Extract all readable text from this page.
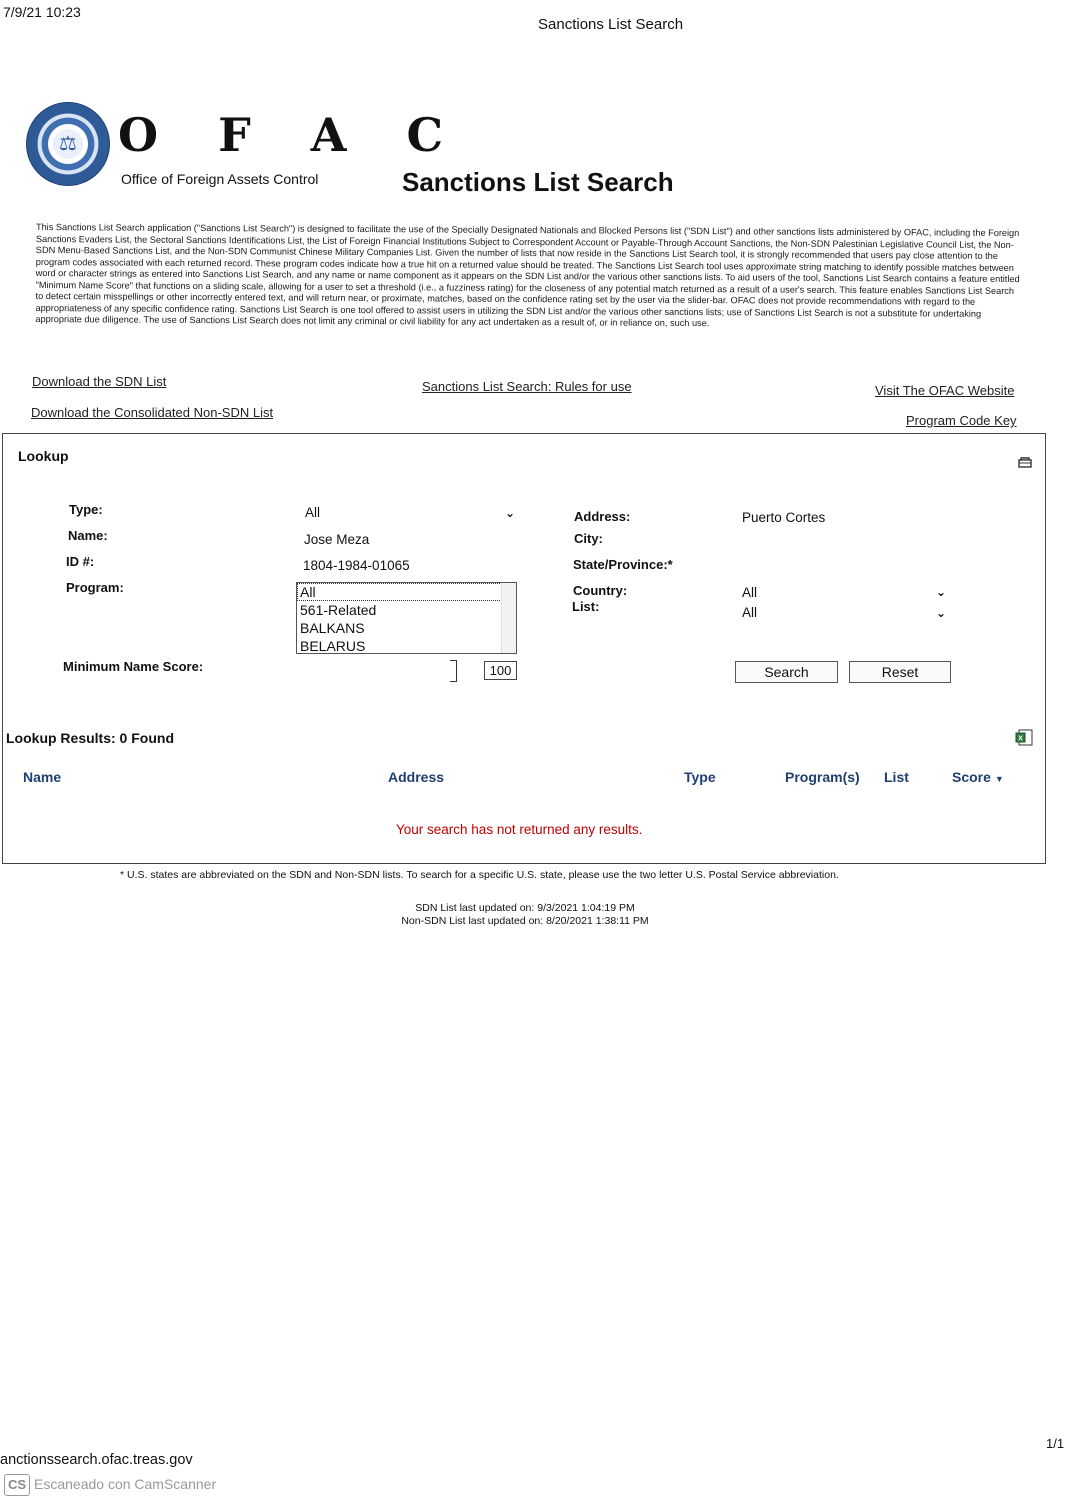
7/9/21 10:23
Sanctions List Search
⚖ O F A C
Office of Foreign Assets Control	Sanctions List Search
This Sanctions List Search application ("Sanctions List Search") is designed to facilitate the use of the Specially Designated Nationals and Blocked Persons list ("SDN List") and other sanctions lists administered by OFAC, including the Foreign Sanctions Evaders List, the Sectoral Sanctions Identifications List, the List of Foreign Financial Institutions Subject to Correspondent Account or Payable-Through Account Sanctions, the Non-SDN Palestinian Legislative Council List, the Non-SDN Menu-Based Sanctions List, and the Non-SDN Communist Chinese Military Companies List. Given the number of lists that now reside in the Sanctions List Search tool, it is strongly recommended that users pay close attention to the program codes associated with each returned record. These program codes indicate how a true hit on a returned value should be treated. The Sanctions List Search tool uses approximate string matching to identify possible matches between word or character strings as entered into Sanctions List Search, and any name or name component as it appears on the SDN List and/or the various other sanctions lists. To aid users of the tool, Sanctions List Search contains a feature entitled "Minimum Name Score" that functions on a sliding scale, allowing for a user to set a threshold (i.e., a fuzziness rating) for the closeness of any potential match returned as a result of a user's search. This feature enables Sanctions List Search to detect certain misspellings or other incorrectly entered text, and will return near, or proximate, matches, based on the confidence rating set by the user via the slider-bar. OFAC does not provide recommendations with regard to the appropriateness of any specific confidence rating. Sanctions List Search is one tool offered to assist users in utilizing the SDN List and/or the various other sanctions lists; use of Sanctions List Search is not a substitute for undertaking appropriate due diligence. The use of Sanctions List Search does not limit any criminal or civil liability for any act undertaken as a result of, or in reliance on, such use.
Download the SDN List
Download the Consolidated Non-SDN List
Sanctions List Search: Rules for use	Visit The OFAC Website
Program Code Key
Lookup
Type:	All	⌄
Name:	Jose Meza
ID #:	1804-1984-01065
Program:	All
561-Related
BALKANS
BELARUS
Minimum Name Score:	100
Address:	Puerto Cortes
City:
State/Province:*
Country:	All	⌄
List:	All	⌄
Search	Reset
Lookup Results: 0 Found	X
Name	Address	Type	Program(s) List	Score ▼
Your search has not returned any results.
* U.S. states are abbreviated on the SDN and Non-SDN lists. To search for a specific U.S. state, please use the two letter U.S. Postal Service abbreviation.
SDN List last updated on: 9/3/2021 1:04:19 PM
Non-SDN List last updated on: 8/20/2021 1:38:11 PM
1/1
anctionssearch.ofac.treas.gov
CS Escaneado con CamScanner
